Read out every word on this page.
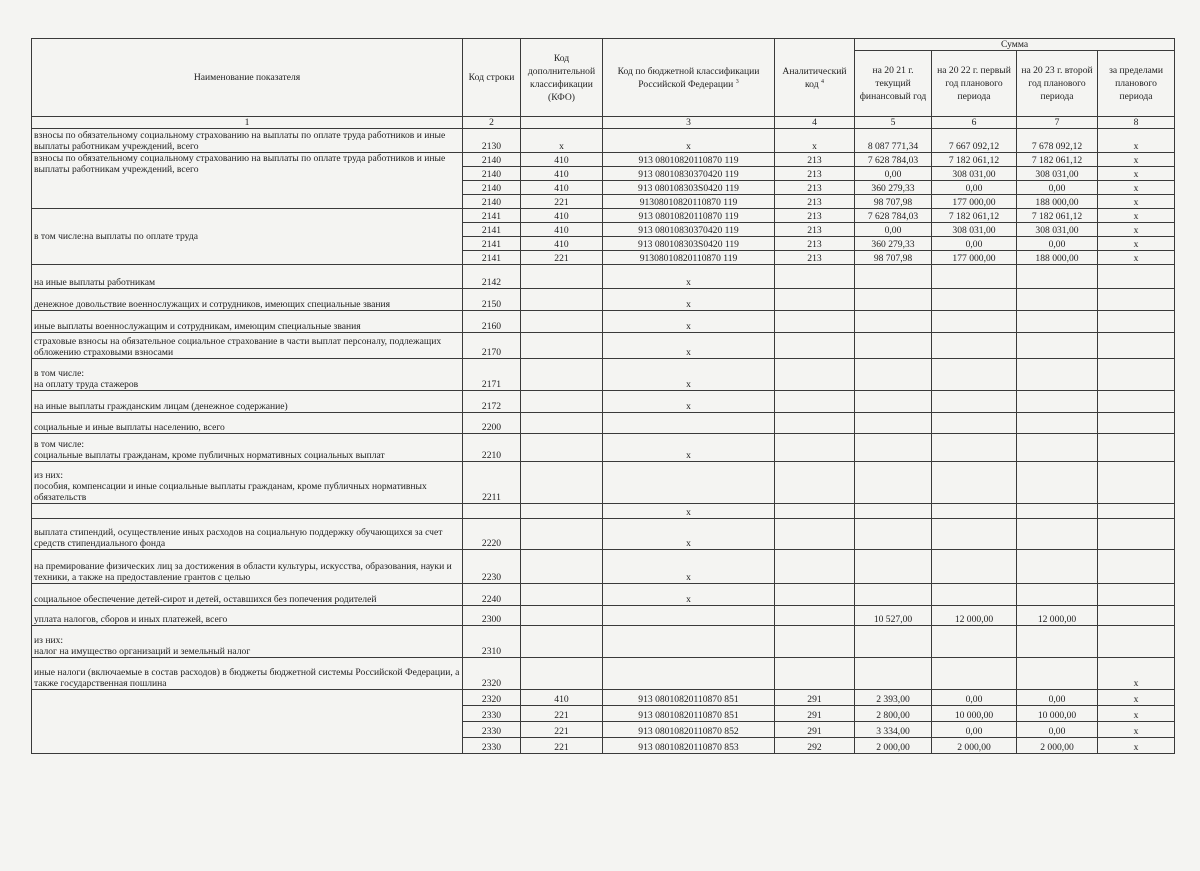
Наименование показателя	Код строки	Код дополнительной классификации (КФО)	Код по бюджетной классификации Российской Федерации $^3$	Аналитический код $^4$	Сумма			
					на 20 21 г. текущий финансовый год	на 20 22 г. первый год планового периода	на 20 23 г. второй год планового периода	за пределами планового периода
1	2		3	4	5	6	7	8
взносы по обязательному социальному страхованию на выплаты по оплате труда работников и иные выплаты работникам учреждений, всего	2130	x	x	x	8 087 771,34	7 667 092,12	7 678 092,12	x
взносы по обязательному социальному страхованию на выплаты по оплате труда работников и иные выплаты работникам учреждений, всего	2140	410	913 08010820110870 119	213	7 628 784,03	7 182 061,12	7 182 061,12	x
	2140	410	913 08010830370420 119	213	0,00	308 031,00	308 031,00	x
	2140	410	913 080108303S0420 119	213	360 279,33	0,00	0,00	x
	2140	221	91308010820110870 119	213	98 707,98	177 000,00	188 000,00	x
в том числе:на выплаты по оплате труда	2141	410	913 08010820110870 119	213	7 628 784,03	7 182 061,12	7 182 061,12	x
	2141	410	913 08010830370420 119	213	0,00	308 031,00	308 031,00	x
	2141	410	913 080108303S0420 119	213	360 279,33	0,00	0,00	x
	2141	221	91308010820110870 119	213	98 707,98	177 000,00	188 000,00	x
на иные выплаты работникам	2142		x					
денежное довольствие военнослужащих и сотрудников, имеющих специальные звания	2150		x					
иные выплаты военнослужащим и сотрудникам, имеющим специальные звания	2160		x					
страховые взносы на обязательное социальное страхование в части выплат персоналу, подлежащих обложению страховыми взносами	2170		x					
в том числе:
на оплату труда стажеров	2171		x					
на иные выплаты гражданским лицам (денежное содержание)	2172		x					
социальные и иные выплаты населению, всего	2200							
в том числе:
социальные выплаты гражданам, кроме публичных нормативных социальных выплат	2210		x					
из них:
пособия, компенсации и иные социальные выплаты гражданам, кроме публичных нормативных обязательств	2211							
			x					
выплата стипендий, осуществление иных расходов на социальную поддержку обучающихся за счет средств стипендиального фонда	2220		x					
на премирование физических лиц за достижения в области культуры, искусства, образования, науки и техники, а также на предоставление грантов с целью	2230		x					
социальное обеспечение детей-сирот и детей, оставшихся без попечения родителей	2240		x					
уплата налогов, сборов и иных платежей, всего	2300				10 527,00	12 000,00	12 000,00	
из них:
налог на имущество организаций и земельный налог	2310							
иные налоги (включаемые в состав расходов) в бюджеты бюджетной системы Российской Федерации, а также государственная пошлина	2320							x
	2320	410	913 08010820110870 851	291	2 393,00	0,00	0,00	x
	2330	221	913 08010820110870 851	291	2 800,00	10 000,00	10 000,00	x
	2330	221	913 08010820110870 852	291	3 334,00	0,00	0,00	x
	2330	221	913 08010820110870 853	292	2 000,00	2 000,00	2 000,00	x
